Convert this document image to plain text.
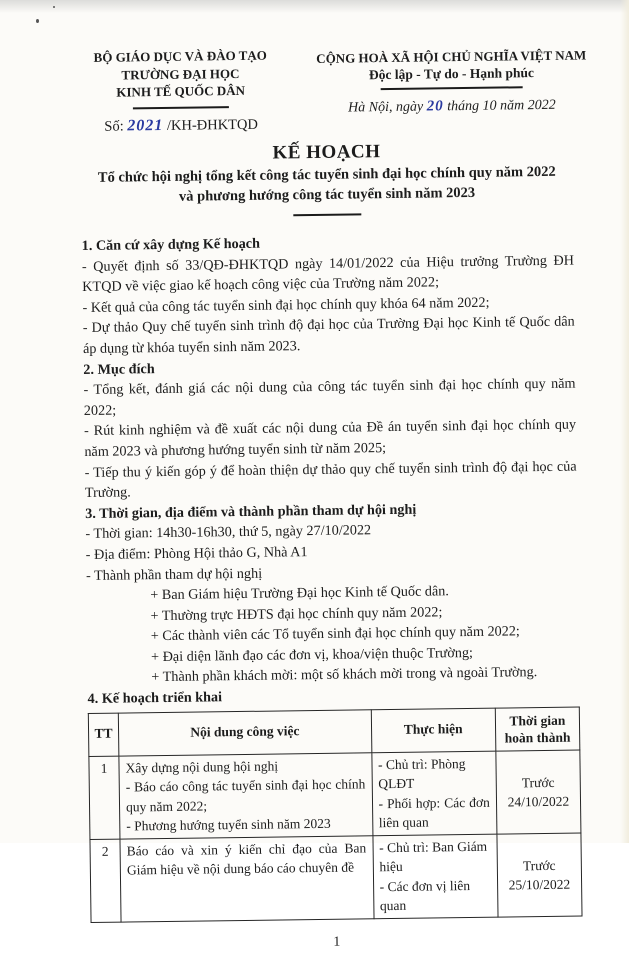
BỘ GIÁO DỤC VÀ ĐÀO TẠO
TRƯỜNG ĐẠI HỌC
KINH TẾ QUỐC DÂN
Số: 2021 /KH-ĐHKTQD
CỘNG HOÀ XÃ HỘI CHỦ NGHĨA VIỆT NAM
Độc lập - Tự do - Hạnh phúc
Hà Nội, ngày 20 tháng 10 năm 2022
KẾ HOẠCH
Tổ chức hội nghị tổng kết công tác tuyển sinh đại học chính quy năm 2022
và phương hướng công tác tuyển sinh năm 2023

1. Căn cứ xây dựng Kế hoạch

- Quyết định số 33/QĐ-ĐHKTQD ngày 14/01/2022 của Hiệu trưởng Trường ĐH KTQD về việc giao kế hoạch công việc của Trường năm 2022;

- Kết quả của công tác tuyển sinh đại học chính quy khóa 64 năm 2022;

- Dự thảo Quy chế tuyển sinh trình độ đại học của Trường Đại học Kinh tế Quốc dân áp dụng từ khóa tuyển sinh năm 2023.

2. Mục đích

- Tổng kết, đánh giá các nội dung của công tác tuyển sinh đại học chính quy năm 2022;

- Rút kinh nghiệm và đề xuất các nội dung của Đề án tuyển sinh đại học chính quy năm 2023 và phương hướng tuyển sinh từ năm 2025;

- Tiếp thu ý kiến góp ý để hoàn thiện dự thảo quy chế tuyển sinh trình độ đại học của Trường.

3. Thời gian, địa điểm và thành phần tham dự hội nghị

- Thời gian: 14h30-16h30, thứ 5, ngày 27/10/2022

- Địa điểm: Phòng Hội thảo G, Nhà A1

- Thành phần tham dự hội nghị

+ Ban Giám hiệu Trường Đại học Kinh tế Quốc dân.

+ Thường trực HĐTS đại học chính quy năm 2022;

+ Các thành viên các Tổ tuyển sinh đại học chính quy năm 2022;

+ Đại diện lãnh đạo các đơn vị, khoa/viện thuộc Trường;

+ Thành phần khách mời: một số khách mời trong và ngoài Trường.

4. Kế hoạch triển khai

TT	Nội dung công việc	Thực hiện	Thời gian
hoàn thành

1	Xây dựng nội dung hội nghị
- Báo cáo công tác tuyển sinh đại học chính quy năm 2022;
- Phương hướng tuyển sinh năm 2023	- Chủ trì: Phòng QLĐT
- Phối hợp: Các đơn liên quan	Trước
24/10/2022

2	Báo cáo và xin ý kiến chỉ đạo của Ban Giám hiệu về nội dung báo cáo chuyên đề	- Chủ trì: Ban Giám hiệu
- Các đơn vị liên quan	Trước
25/10/2022
1
